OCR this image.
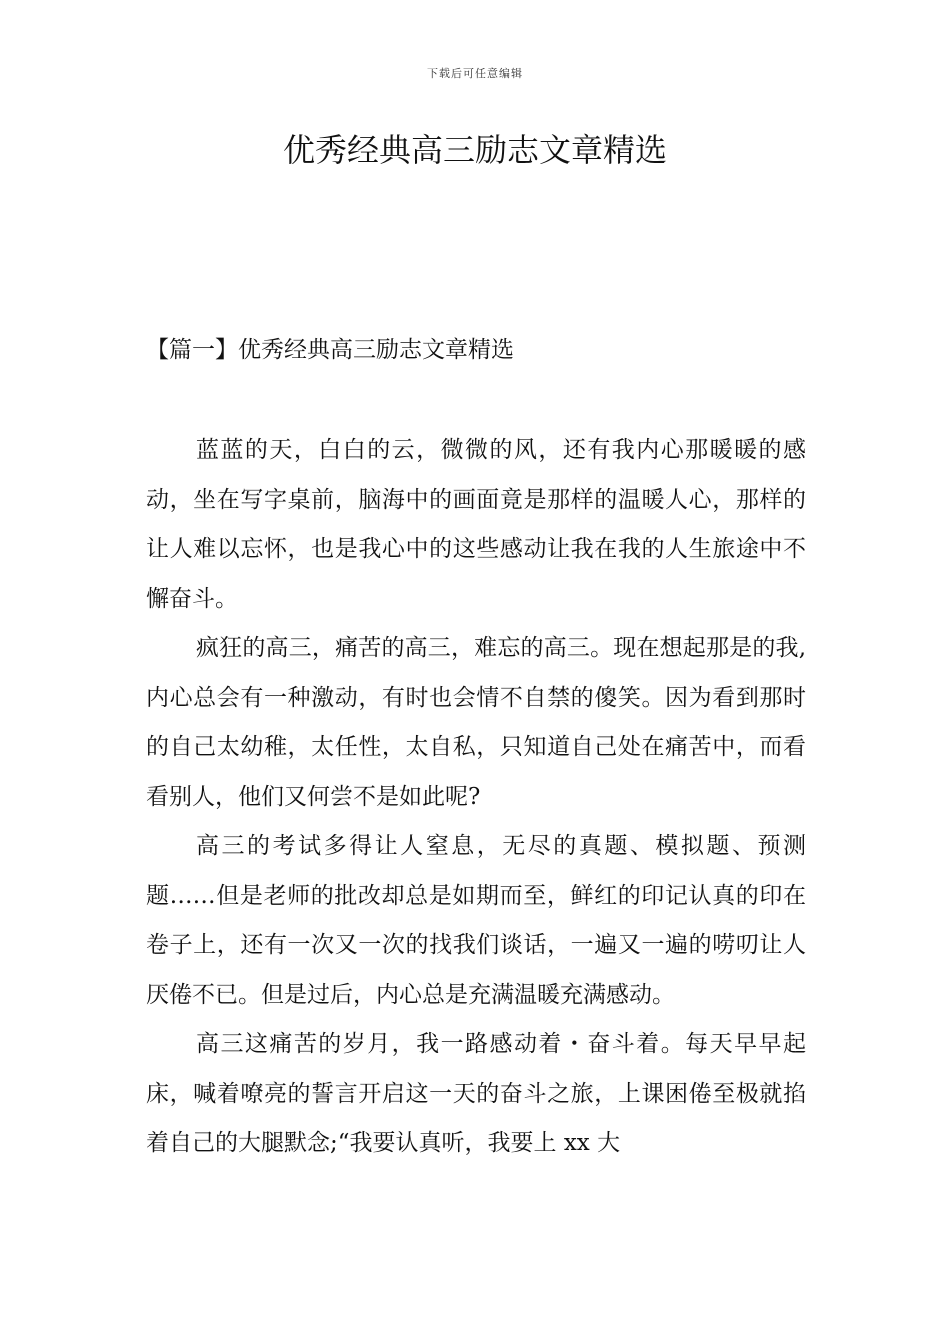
下载后可任意编辑
优秀经典高三励志文章精选
【篇一】优秀经典高三励志文章精选

蓝蓝的天，白白的云，微微的风，还有我内心那暖暖的感动，坐在写字桌前，脑海中的画面竟是那样的温暖人心，那样的让人难以忘怀，也是我心中的这些感动让我在我的人生旅途中不懈奋斗。

疯狂的高三，痛苦的高三，难忘的高三。现在想起那是的我,内心总会有一种激动，有时也会情不自禁的傻笑。因为看到那时的自己太幼稚，太任性，太自私，只知道自己处在痛苦中，而看看别人，他们又何尝不是如此呢?

高三的考试多得让人窒息，无尽的真题、模拟题、预测题……但是老师的批改却总是如期而至，鲜红的印记认真的印在卷子上，还有一次又一次的找我们谈话，一遍又一遍的唠叨让人厌倦不已。但是过后，内心总是充满温暖充满感动。

高三这痛苦的岁月，我一路感动着・奋斗着。每天早早起床，喊着嘹亮的誓言开启这一天的奋斗之旅，上课困倦至极就掐着自己的大腿默念;“我要认真听，我要上 xx 大
